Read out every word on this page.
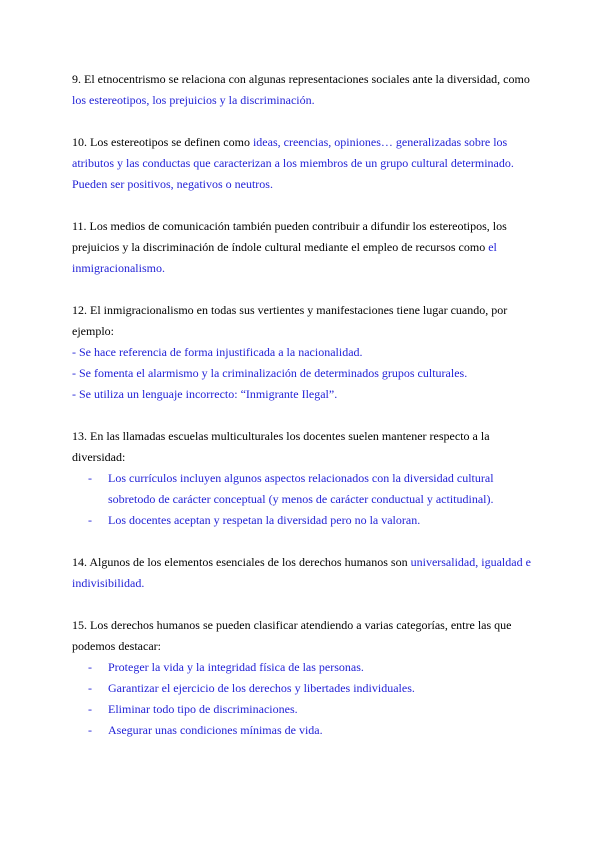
9. El etnocentrismo se relaciona con algunas representaciones sociales ante la diversidad, como los estereotipos, los prejuicios y la discriminación.

10. Los estereotipos se definen como ideas, creencias, opiniones… generalizadas sobre los atributos y las conductas que caracterizan a los miembros de un grupo cultural determinado. Pueden ser positivos, negativos o neutros.

11. Los medios de comunicación también pueden contribuir a difundir los estereotipos, los prejuicios y la discriminación de índole cultural mediante el empleo de recursos como el inmigracionalismo.

12. El inmigracionalismo en todas sus vertientes y manifestaciones tiene lugar cuando, por ejemplo:

- Se hace referencia de forma injustificada a la nacionalidad.
- Se fomenta el alarmismo y la criminalización de determinados grupos culturales.
- Se utiliza un lenguaje incorrecto: “Inmigrante Ilegal”.

13. En las llamadas escuelas multiculturales los docentes suelen mantener respecto a la diversidad:

- Los currículos incluyen algunos aspectos relacionados con la diversidad cultural sobretodo de carácter conceptual (y menos de carácter conductual y actitudinal).
- Los docentes aceptan y respetan la diversidad pero no la valoran.

14. Algunos de los elementos esenciales de los derechos humanos son universalidad, igualdad e indivisibilidad.

15. Los derechos humanos se pueden clasificar atendiendo a varias categorías, entre las que podemos destacar:

- Proteger la vida y la integridad física de las personas.
- Garantizar el ejercicio de los derechos y libertades individuales.
- Eliminar todo tipo de discriminaciones.
- Asegurar unas condiciones mínimas de vida.
